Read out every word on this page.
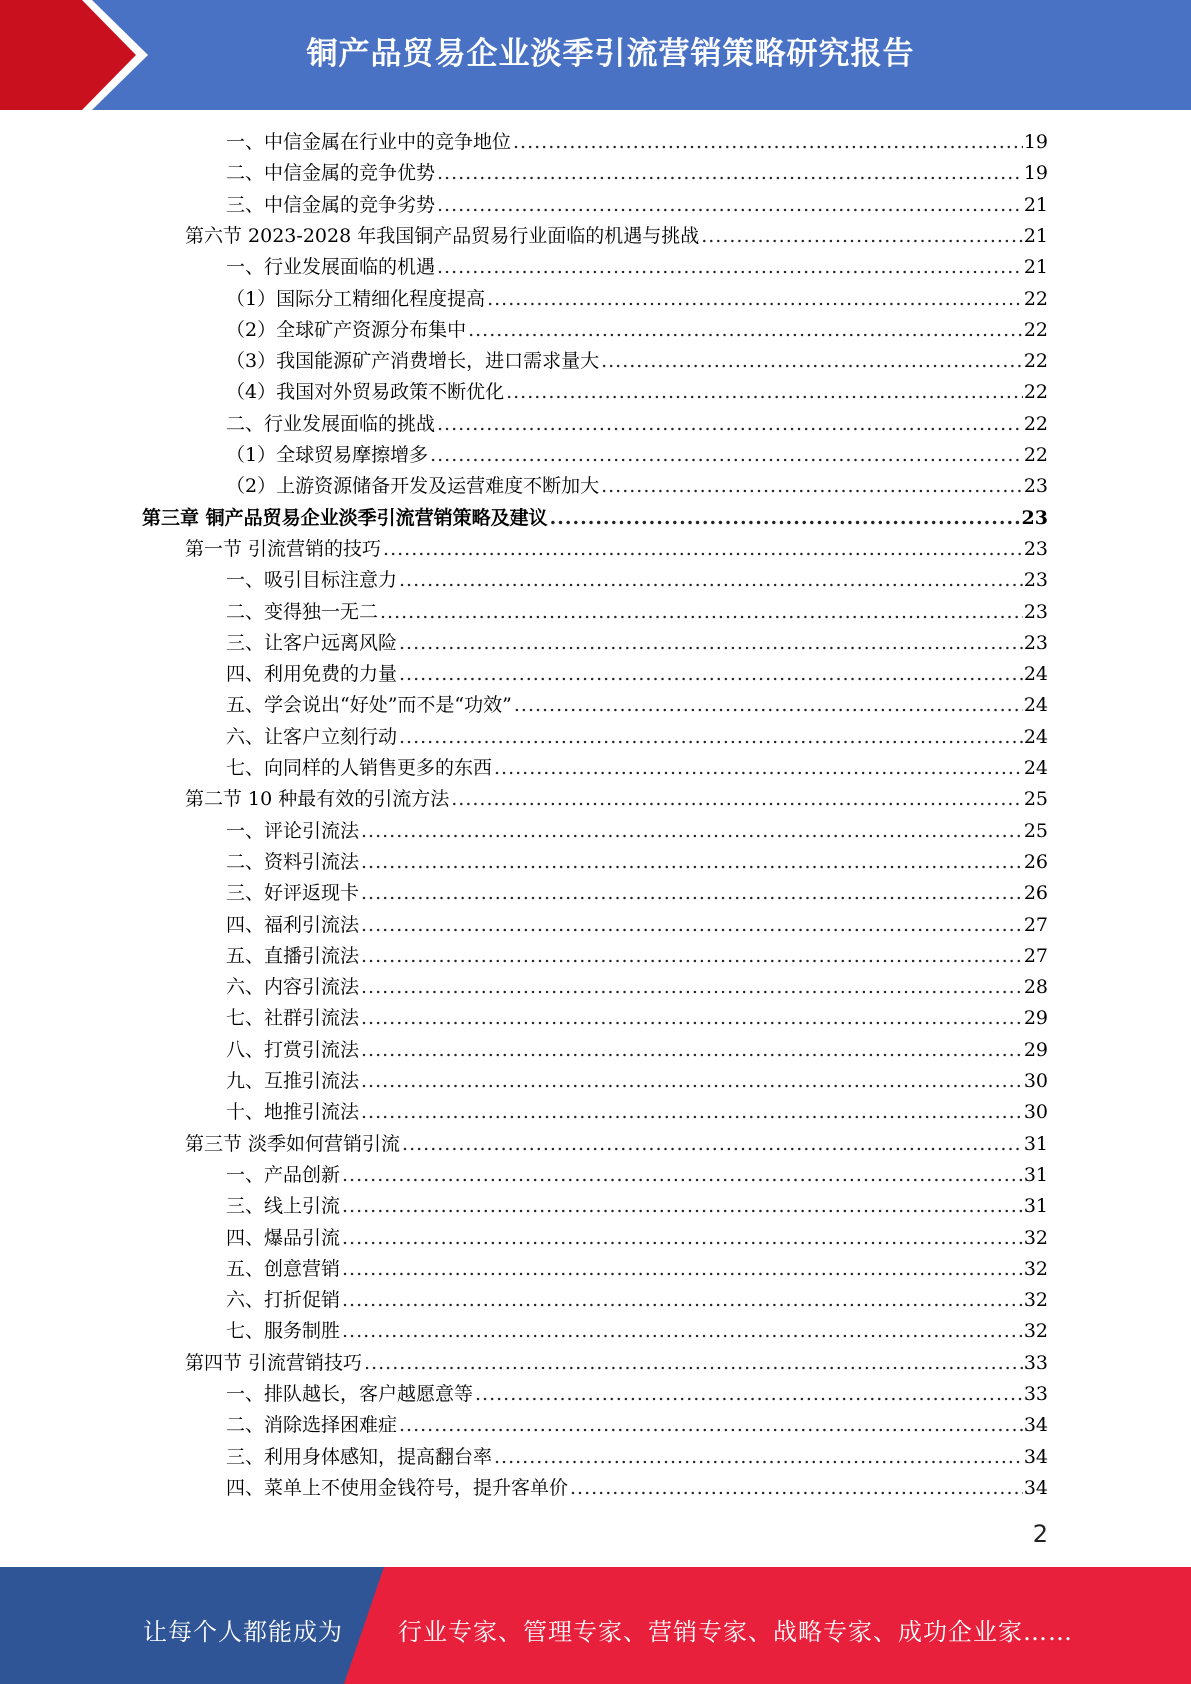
铜产品贸易企业淡季引流营销策略研究报告
一、中信金属在行业中的竞争地位 .....	19
二、中信金属的竞争优势 .....	19
三、中信金属的竞争劣势 .....	21
第六节 2023-2028 年我国铜产品贸易行业面临的机遇与挑战 .....	21
一、行业发展面临的机遇 .....	21
（1）国际分工精细化程度提高 .....	22
（2）全球矿产资源分布集中 .....	22
（3）我国能源矿产消费增长，进口需求量大 .....	22
（4）我国对外贸易政策不断优化 .....	22
二、行业发展面临的挑战 .....	22
（1）全球贸易摩擦增多 .....	22
（2）上游资源储备开发及运营难度不断加大 .....	23
第三章 铜产品贸易企业淡季引流营销策略及建议 .....	23
第一节 引流营销的技巧 .....	23
一、吸引目标注意力 .....	23
二、变得独一无二 .....	23
三、让客户远离风险 .....	23
四、利用免费的力量 .....	24
五、学会说出“好处”而不是“功效” .....	24
六、让客户立刻行动 .....	24
七、向同样的人销售更多的东西 .....	24
第二节 10 种最有效的引流方法 .....	25
一、评论引流法 .....	25
二、资料引流法 .....	26
三、好评返现卡 .....	26
四、福利引流法 .....	27
五、直播引流法 .....	27
六、内容引流法 .....	28
七、社群引流法 .....	29
八、打赏引流法 .....	29
九、互推引流法 .....	30
十、地推引流法 .....	30
第三节 淡季如何营销引流 .....	31
一、产品创新 .....	31
三、线上引流 .....	31
四、爆品引流 .....	32
五、创意营销 .....	32
六、打折促销 .....	32
七、服务制胜 .....	32
第四节 引流营销技巧 .....	33
一、排队越长，客户越愿意等 .....	33
二、消除选择困难症 .....	34
三、利用身体感知，提高翻台率 .....	34
四、菜单上不使用金钱符号，提升客单价 .....	34
2
让每个人都能成为 行业专家、管理专家、营销专家、战略专家、成功企业家……
